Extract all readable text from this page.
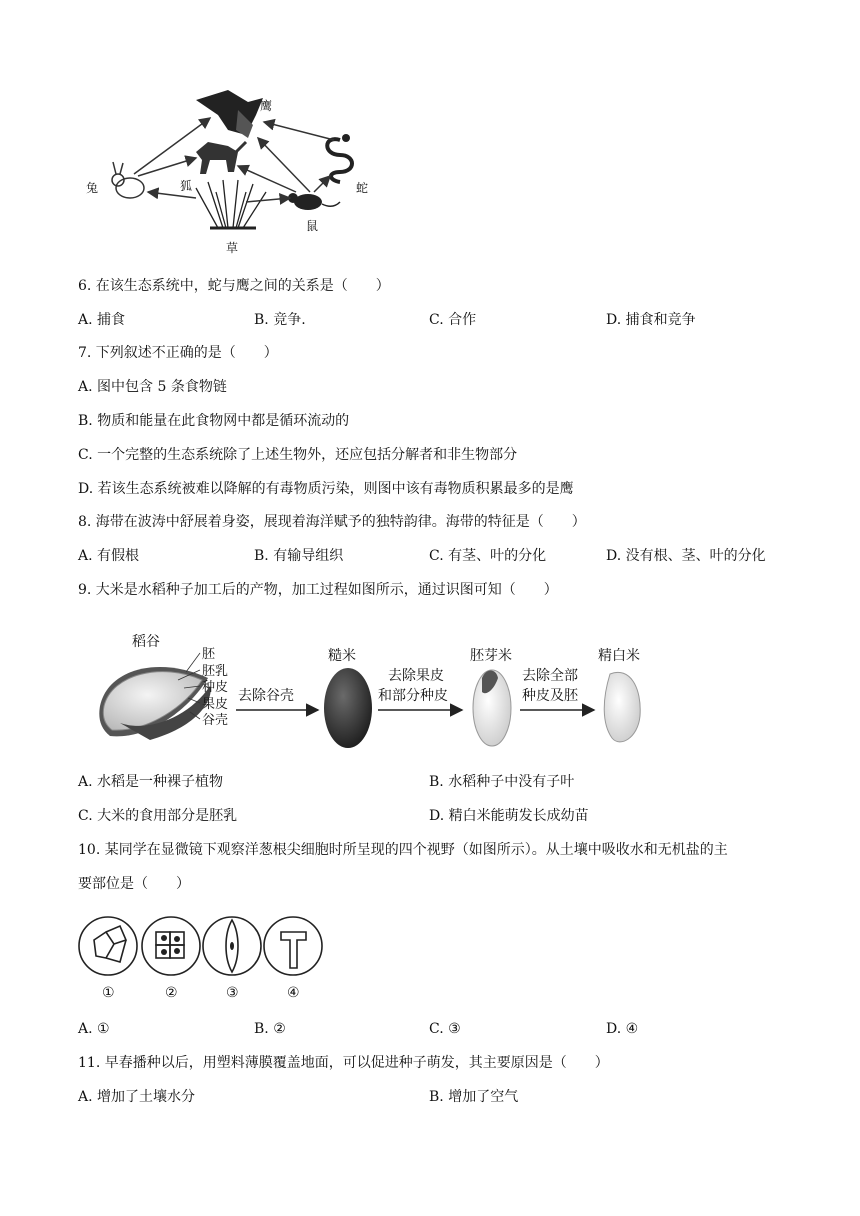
鹰
兔	狐	蛇
鼠
草
6. 在该生态系统中，蛇与鹰之间的关系是（　　）
A. 捕食	B. 竞争.	C. 合作	D. 捕食和竞争
7. 下列叙述不正确的是（　　）
A. 图中包含 5 条食物链
B. 物质和能量在此食物网中都是循环流动的
C. 一个完整的生态系统除了上述生物外，还应包括分解者和非生物部分
D. 若该生态系统被难以降解的有毒物质污染，则图中该有毒物质积累最多的是鹰
8. 海带在波涛中舒展着身姿，展现着海洋赋予的独特韵律。海带的特征是（　　）
A. 有假根	B. 有输导组织	C. 有茎、叶的分化	D. 没有根、茎、叶的分化
9. 大米是水稻种子加工后的产物，加工过程如图所示，通过识图可知（　　）
稻谷
胚
胚乳
种皮
果皮
谷壳
去除谷壳
糙米
去除果皮
和部分种皮
胚芽米
去除全部
种皮及胚
精白米
A. 水稻是一种裸子植物	B. 水稻种子中没有子叶
C. 大米的食用部分是胚乳	D. 精白米能萌发长成幼苗
10. 某同学在显微镜下观察洋葱根尖细胞时所呈现的四个视野（如图所示）。从土壤中吸收水和无机盐的主
要部位是（　　）
①	②	③	④
A. ①	B. ②	C. ③	D. ④
11. 早春播种以后，用塑料薄膜覆盖地面，可以促进种子萌发，其主要原因是（　　）
A. 增加了土壤水分	B. 增加了空气
